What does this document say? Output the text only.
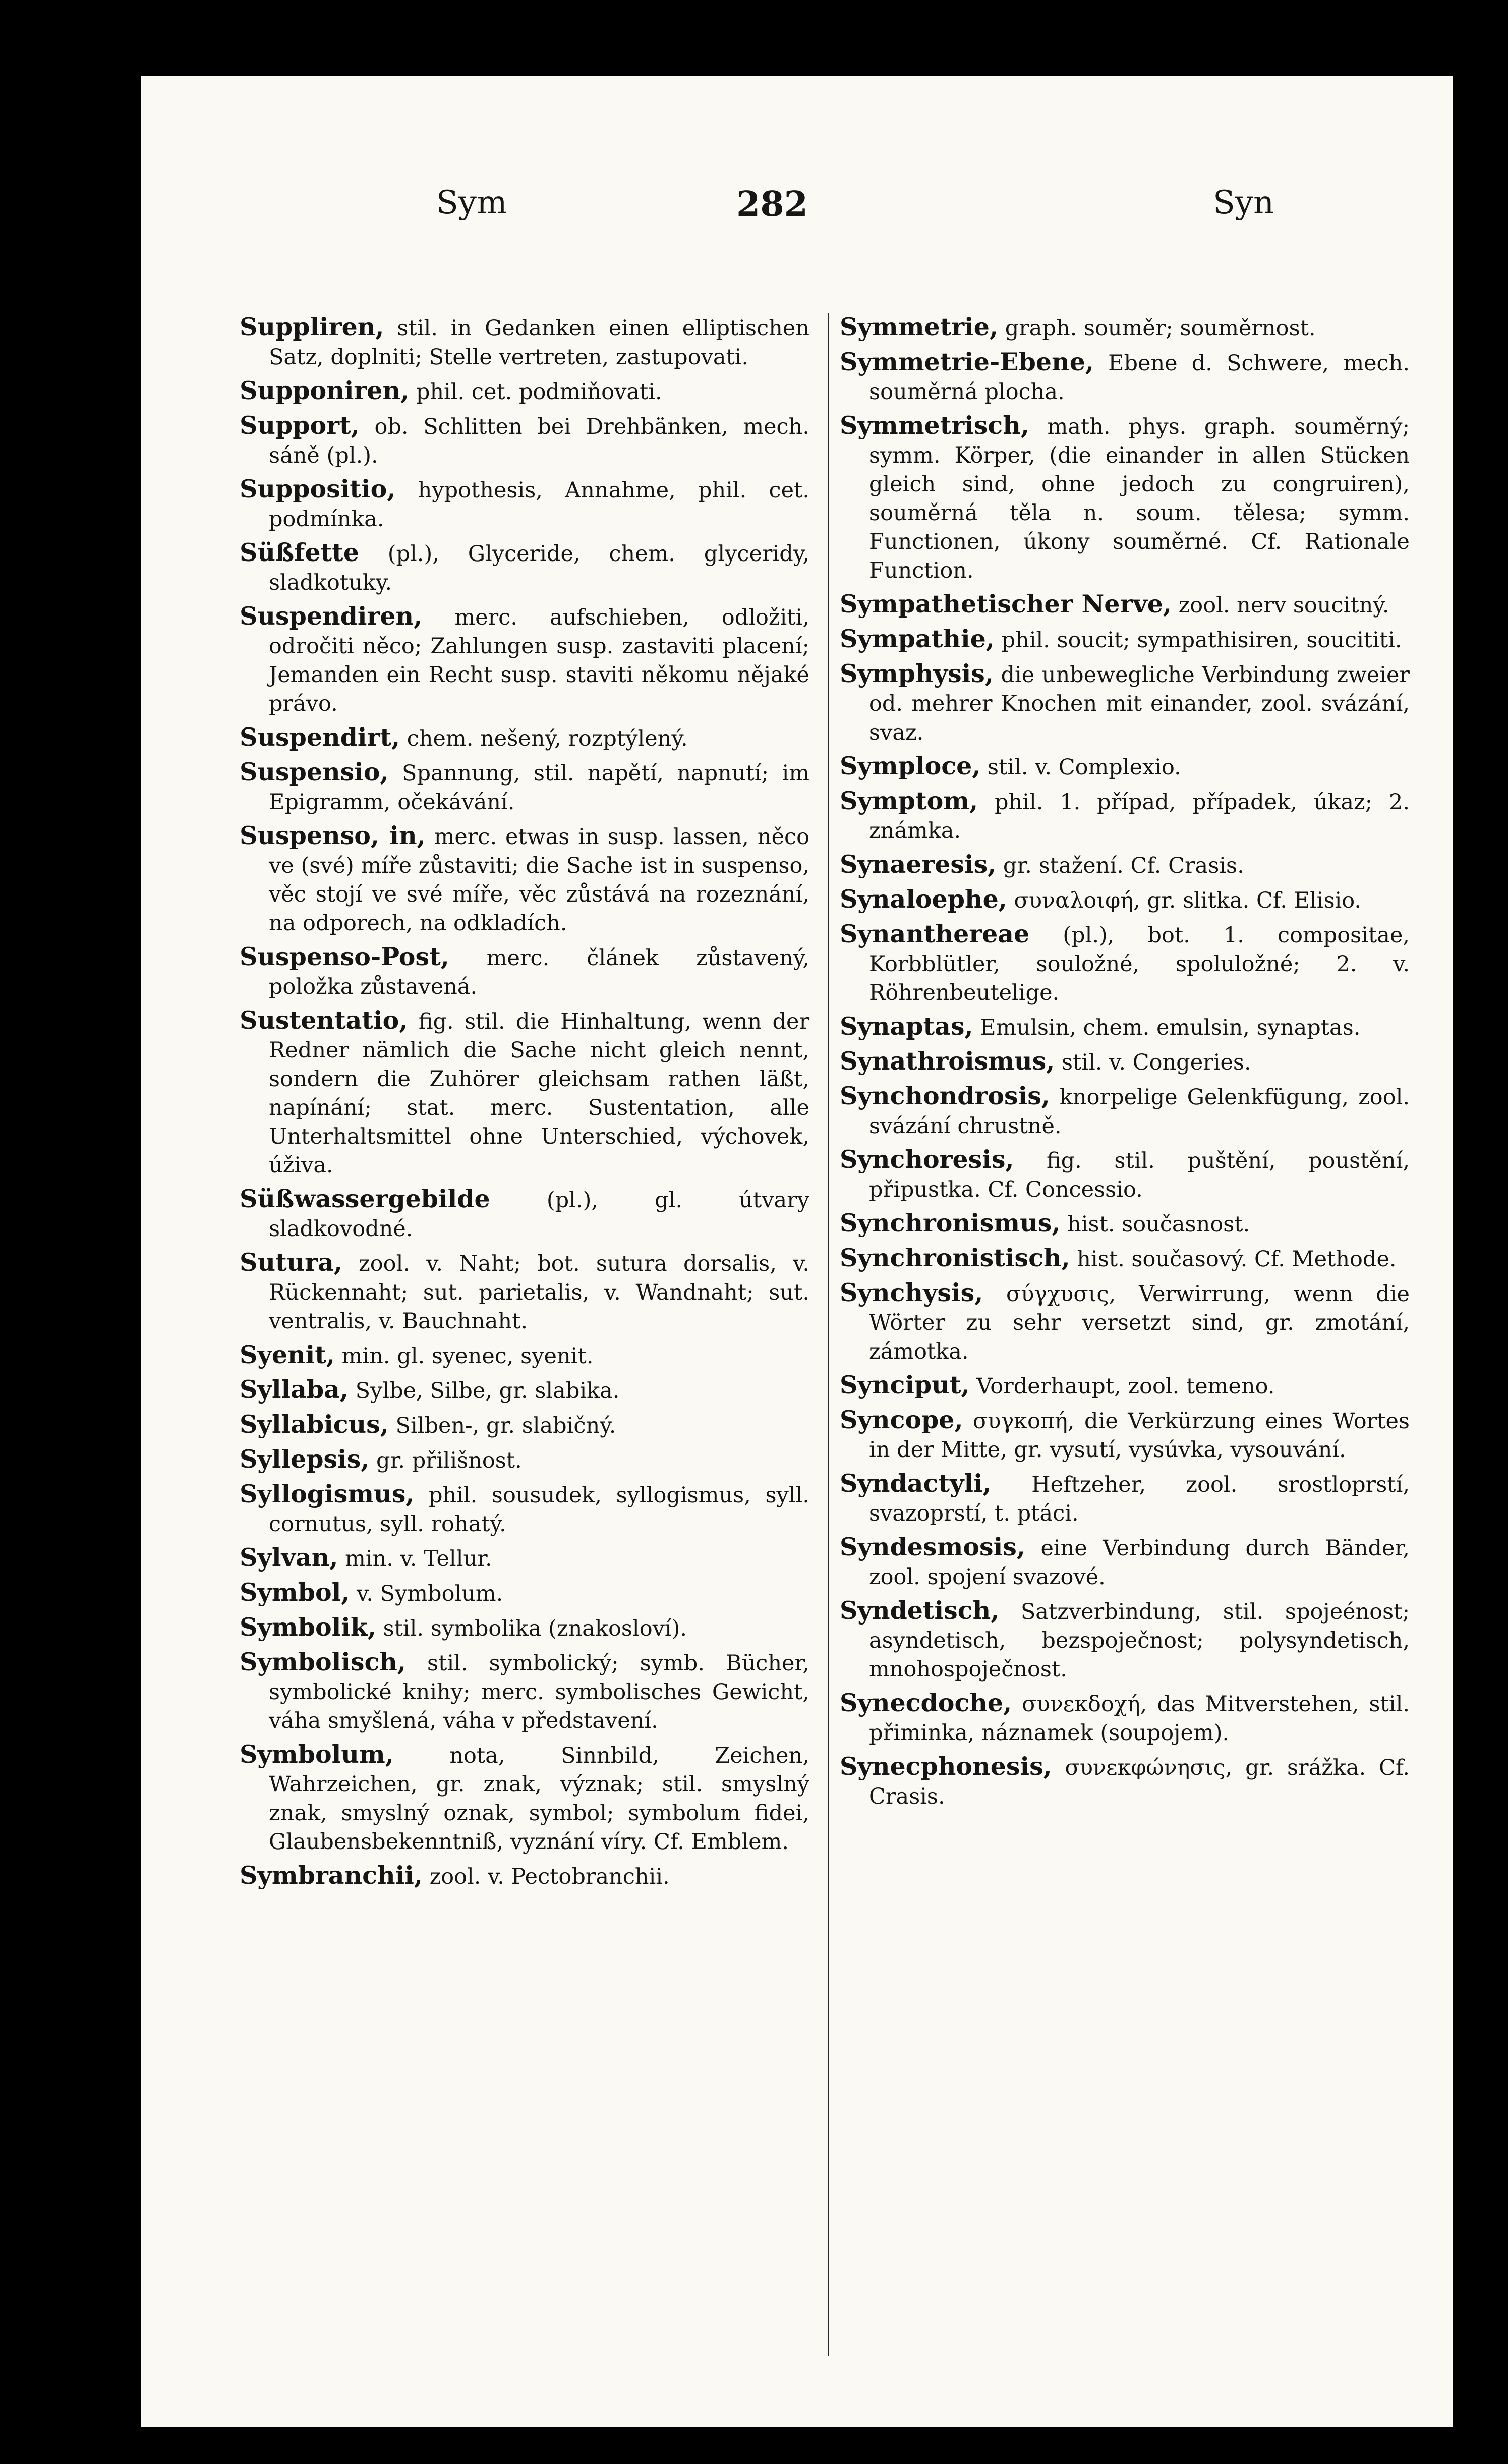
Sym	282	Syn

Suppliren, stil. in Gedanken einen elliptischen Satz, doplniti; Stelle vertreten, zastupovati.

Supponiren, phil. cet. podmiňovati.

Support, ob. Schlitten bei Drehbänken, mech. sáně (pl.).

Suppositio, hypothesis, Annahme, phil. cet. podmínka.

Süßfette (pl.), Glyceride, chem. glyceridy, sladkotuky.

Suspendiren, merc. aufschieben, odložiti, odročiti něco; Zahlungen susp. zastaviti placení; Jemanden ein Recht susp. staviti někomu nějaké právo.

Suspendirt, chem. nešený, rozptýlený.

Suspensio, Spannung, stil. napětí, napnutí; im Epigramm, očekávání.

Suspenso, in, merc. etwas in susp. lassen, něco ve (své) míře zůstaviti; die Sache ist in suspenso, věc stojí ve své míře, věc zůstává na rozeznání, na odporech, na odkladích.

Suspenso-Post, merc. článek zůstavený, položka zůstavená.

Sustentatio, fig. stil. die Hinhaltung, wenn der Redner nämlich die Sache nicht gleich nennt, sondern die Zuhörer gleichsam rathen läßt, napínání; stat. merc. Sustentation, alle Unterhaltsmittel ohne Unterschied, výchovek, úživa.

Süßwassergebilde	(pl.), gl. útvary sladkovodné.

Sutura, zool. v. Naht; bot. sutura dorsalis, v. Rückennaht; sut. parietalis, v. Wandnaht; sut. ventralis, v. Bauchnaht.

Syenit, min. gl. syenec, syenit.

Syllaba, Sylbe, Silbe, gr. slabika.

Syllabicus, Silben-, gr. slabičný.

Syllepsis, gr. přilišnost.

Syllogismus, phil. sousudek, syllogismus, syll. cornutus, syll. rohatý.

Sylvan, min. v. Tellur.

Symbol, v. Symbolum.

Symbolik, stil. symbolika (znakosloví).

Symbolisch, stil. symbolický; symb. Bücher, symbolické knihy; merc. symbolisches Gewicht, váha smyšlená, váha v představení.

Symbolum,	nota, Sinnbild, Zeichen, Wahrzeichen, gr. znak, význak; stil. smyslný znak, smyslný oznak, symbol; symbolum fidei, Glaubensbekenntniß, vyznání víry. Cf. Emblem.

Symbranchii, zool. v. Pectobranchii.

Symmetrie, graph. souměr; souměrnost.

Symmetrie-Ebene, Ebene d. Schwere, mech. souměrná plocha.

Symmetrisch, math. phys. graph. souměrný; symm. Körper, (die einander in allen Stücken gleich sind, ohne jedoch zu congruiren), souměrná těla n. soum. tělesa; symm. Functionen, úkony souměrné. Cf. Rationale Function.

Sympathetischer Nerve, zool. nerv soucitný.

Sympathie, phil. soucit; sympathisiren, soucititi.

Symphysis, die unbewegliche Verbindung zweier od. mehrer Knochen mit einander, zool. svázání, svaz.

Symploce, stil. v. Complexio.

Symptom, phil. 1. případ, případek, úkaz; 2. známka.

Synaeresis, gr. stažení. Cf. Crasis.

Synaloephe, συναλοιφή, gr. slitka. Cf. Elisio.

Synanthereae (pl.), bot. 1. compositae, Korbblütler, souložné, spoluložné; 2. v. Röhrenbeutelige.

Synaptas, Emulsin, chem. emulsin, synaptas.

Synathroismus, stil. v. Congeries.

Synchondrosis, knorpelige Gelenkfügung, zool. svázání chrustně.

Synchoresis, fig. stil. puštění, poustění, připustka. Cf. Concessio.

Synchronismus, hist. současnost.

Synchronistisch, hist. současový. Cf. Methode.

Synchysis, σύγχυσις, Verwirrung, wenn die Wörter zu sehr versetzt sind, gr. zmotání, zámotka.

Synciput, Vorderhaupt, zool. temeno.

Syncope, συγκοπή, die Verkürzung eines Wortes in der Mitte, gr. vysutí, vysúvka, vysouvání.

Syndactyli, Heftzeher, zool. srostloprstí, svazoprstí, t. ptáci.

Syndesmosis, eine Verbindung durch Bänder, zool. spojení svazové.

Syndetisch, Satzverbindung, stil. spojeénost; asyndetisch, bezspoječnost; polysyndetisch, mnohospoječnost.

Synecdoche, συνεκδοχή, das Mitverstehen, stil. přiminka, náznamek (soupojem).

Synecphonesis, συνεκφώνησις, gr. srážka. Cf. Crasis.
